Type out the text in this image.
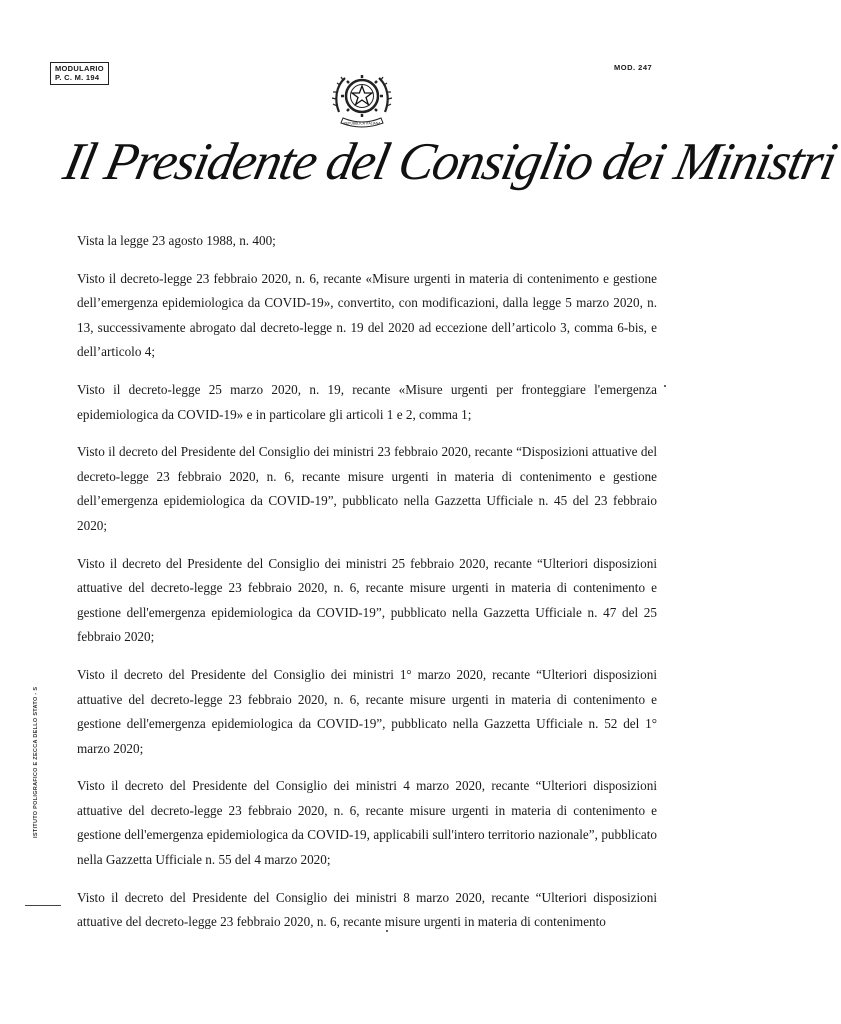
MODULARIO
P. C. M. 194
MOD. 247
REPUBBLICA ITALIANA
Il Presidente del Consiglio dei Ministri

Vista la legge 23 agosto 1988, n. 400;

Visto il decreto-legge 23 febbraio 2020, n. 6, recante «Misure urgenti in materia di contenimento e gestione dell’emergenza epidemiologica da COVID-19», convertito, con modificazioni, dalla legge 5 marzo 2020, n. 13, successivamente abrogato dal decreto-legge n. 19 del 2020 ad eccezione dell’articolo 3, comma 6-bis, e dell’articolo 4;

Visto il decreto-legge 25 marzo 2020, n. 19, recante «Misure urgenti per fronteggiare l'emergenza epidemiologica da COVID-19» e in particolare gli articoli 1 e 2, comma 1;

Visto il decreto del Presidente del Consiglio dei ministri 23 febbraio 2020, recante “Disposizioni attuative del decreto-legge 23 febbraio 2020, n. 6, recante misure urgenti in materia di contenimento e gestione dell’emergenza epidemiologica da COVID-19”, pubblicato nella Gazzetta Ufficiale n. 45 del 23 febbraio 2020;

Visto il decreto del Presidente del Consiglio dei ministri 25 febbraio 2020, recante “Ulteriori disposizioni attuative del decreto-legge 23 febbraio 2020, n. 6, recante misure urgenti in materia di contenimento e gestione dell'emergenza epidemiologica da COVID-19”, pubblicato nella Gazzetta Ufficiale n. 47 del 25 febbraio 2020;

Visto il decreto del Presidente del Consiglio dei ministri 1° marzo 2020, recante “Ulteriori disposizioni attuative del decreto-legge 23 febbraio 2020, n. 6, recante misure urgenti in materia di contenimento e gestione dell'emergenza epidemiologica da COVID-19”, pubblicato nella Gazzetta Ufficiale n. 52 del 1° marzo 2020;

Visto il decreto del Presidente del Consiglio dei ministri 4 marzo 2020, recante “Ulteriori disposizioni attuative del decreto-legge 23 febbraio 2020, n. 6, recante misure urgenti in materia di contenimento e gestione dell'emergenza epidemiologica da COVID-19, applicabili sull'intero territorio nazionale”, pubblicato nella Gazzetta Ufficiale n. 55 del 4 marzo 2020;

Visto il decreto del Presidente del Consiglio dei ministri 8 marzo 2020, recante “Ulteriori disposizioni attuative del decreto-legge 23 febbraio 2020, n. 6, recante misure urgenti in materia di contenimento

ISTITUTO POLIGRAFICO E ZECCA DELLO STATO - S
